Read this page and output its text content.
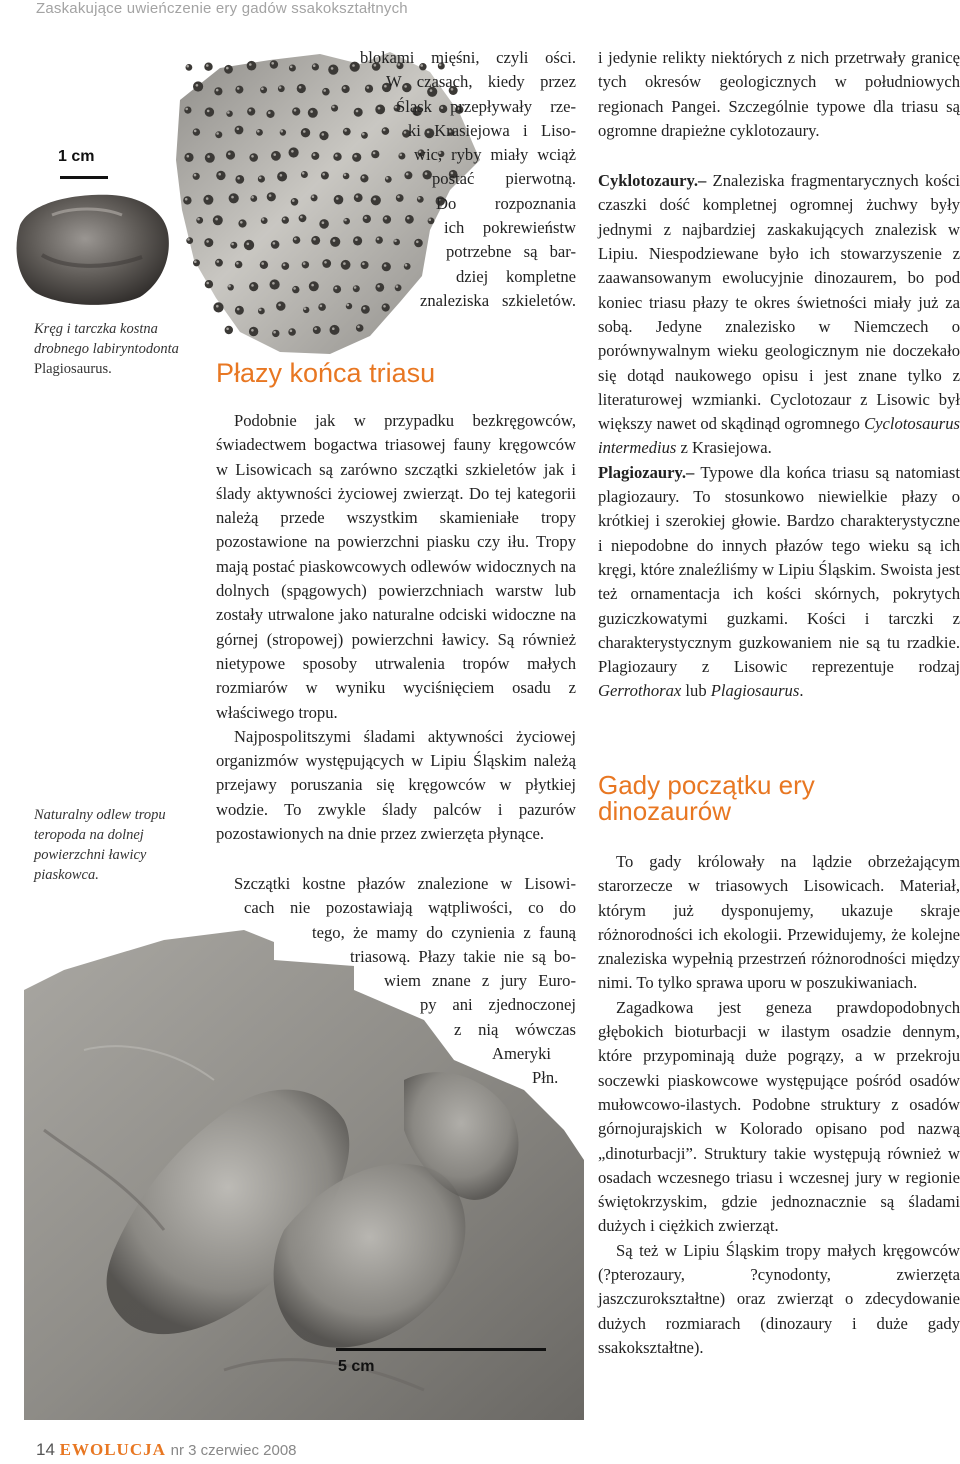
Zaskakujące uwieńczenie ery gadów ssakokształtnych
1 cm
5 cm
Kręg i tarczka kostna drobnego labiryntodonta Plagiosaurus.
Naturalny odlew tropu teropoda na dolnej powierzchni ławicy piaskowca.
blokami mięśni, czyli ości.
W czasach, kiedy przez
Śląsk przepływały rze-
ki Krasiejowa i Liso-
wic, ryby miały wciąż
postać pierwotną.
Do rozpoznania
ich pokrewieństw
potrzebne są bar-
dziej kompletne
znaleziska szkieletów.
Płazy końca triasu

Podobnie jak w przypadku bezkręgowców, świadectwem bogactwa triasowej fauny kręgowców w Lisowicach są zarówno szczątki szkieletów jak i ślady aktywności życiowej zwierząt. Do tej kategorii należą przede wszystkim skamieniałe tropy pozostawione na powierzchni piasku czy iłu. Tropy mają postać piaskowcowych odlewów widocznych na dolnych (spągowych) powierzchniach warstw lub zostały utrwalone jako naturalne odciski widoczne na górnej (stropowej) powierzchni ławicy. Są również nietypowe sposoby utrwalenia tropów małych rozmiarów w wyniku wyciśnięciem osadu z właściwego tropu.

Najpospolitszymi śladami aktywności życiowej organizmów występujących w Lipiu Śląskim należą przejawy poruszania się kręgowców w płytkiej wodzie. To zwykle ślady palców i pazurów pozostawionych na dnie przez zwierzęta płynące.

Szczątki kostne płazów znalezione w Lisowi-
cach nie pozostawiają wątpliwości, co do
tego, że mamy do czynienia z fauną
triasową. Płazy takie nie są bo-
wiem znane z jury Euro-
py ani zjednoczonej
z nią wówczas
Ameryki
Płn.

i jedynie relikty niektórych z nich przetrwały granicę tych okresów geologicznych w południowych regionach Pangei. Szczególnie typowe dla triasu są ogromne drapieżne cyklotozaury.

Cyklotozaury.– Znaleziska fragmentarycznych kości czaszki dość kompletnej ogromnej żuchwy były jednymi z najbardziej zaskakujących znalezisk w Lipiu. Niespodziewane było ich stowarzyszenie z zaawansowanym ewolucyjnie dinozaurem, bo pod koniec triasu płazy te okres świetności miały już za sobą. Jedyne znalezisko w Niemczech o porównywalnym wieku geologicznym nie doczekało się dotąd naukowego opisu i jest znane tylko z literaturowej wzmianki. Cyclotozaur z Lisowic był większy nawet od skądinąd ogromnego Cyclotosaurus intermedius z Krasiejowa.

Plagiozaury.– Typowe dla końca triasu są natomiast plagiozaury. To stosunkowo niewielkie płazy o krótkiej i szerokiej głowie. Bardzo charakterystyczne i niepodobne do innych płazów tego wieku są ich kręgi, które znaleźliśmy w Lipiu Śląskim. Swoista jest też ornamentacja ich kości skórnych, pokrytych guziczkowatymi guzkami. Kości i tarczki z charakterystycznym guzkowaniem nie są tu rzadkie. Plagiozaury z Lisowic reprezentuje rodzaj Gerrothorax lub Plagiosaurus.

Gady początku ery
dinozaurów

To gady królowały na lądzie obrzeżającym starorzecze w triasowych Lisowicach. Materiał, którym już dysponujemy, ukazuje skraje różnorodności ich ekologii. Przewidujemy, że kolejne znaleziska wypełnią przestrzeń różnorodności między nimi. To tylko sprawa uporu w poszukiwaniach.

Zagadkowa jest geneza prawdopodobnych głębokich bioturbacji w ilastym osadzie dennym, które przypominają duże pogrązy, a w przekroju soczewki piaskowcowe występujące pośród osadów mułowcowo-ilastych. Podobne struktury z osadów górnojurajskich w Kolorado opisano pod nazwą „dinoturbacji”. Struktury takie występują również w osadach wczesnego triasu i wczesnej jury w regionie świętokrzyskim, gdzie jednoznacznie są śladami dużych i ciężkich zwierząt.

Są też w Lipiu Śląskim tropy małych kręgowców (?pterozaury, ?cynodonty, zwierzęta jaszczurokształtne) oraz zwierząt o zdecydowanie dużych rozmiarach (dinozaury i duże gady ssakokształtne).

14 EWOLUCJA nr 3 czerwiec 2008
